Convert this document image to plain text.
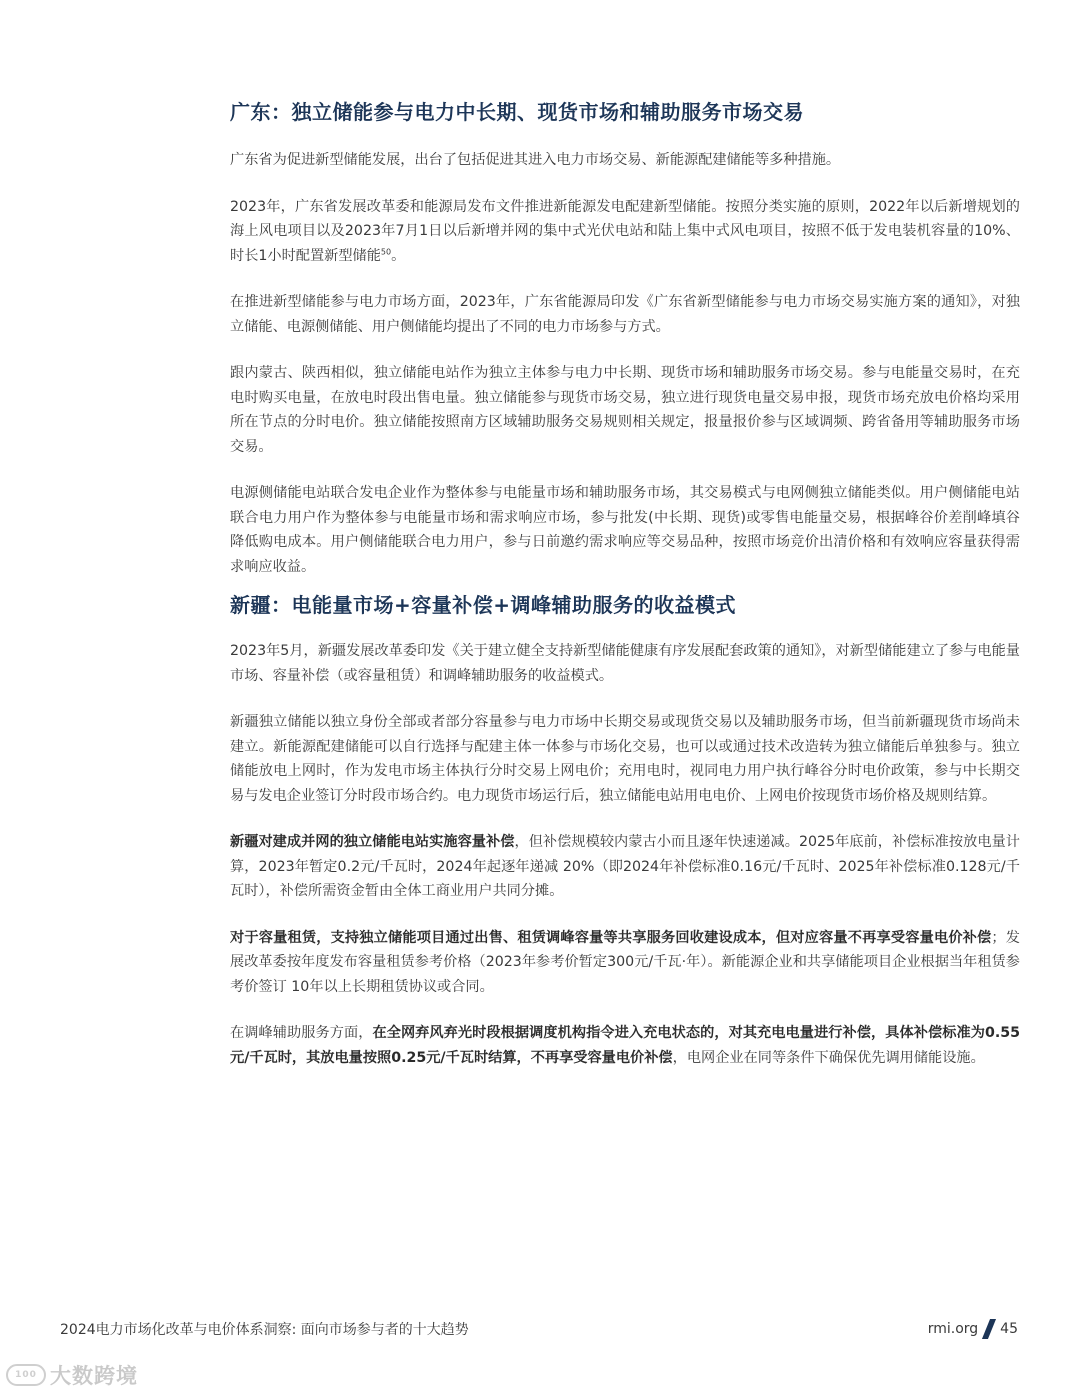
广东：独立储能参与电力中长期、现货市场和辅助服务市场交易

广东省为促进新型储能发展，出台了包括促进其进入电力市场交易、新能源配建储能等多种措施。

2023年，广东省发展改革委和能源局发布文件推进新能源发电配建新型储能。按照分类实施的原则，2022年以后新增规划的海上风电项目以及2023年7月1日以后新增并网的集中式光伏电站和陆上集中式风电项目，按照不低于发电装机容量的10%、时长1小时配置新型储能$^{50}$。

在推进新型储能参与电力市场方面，2023年，广东省能源局印发《广东省新型储能参与电力市场交易实施方案的通知》，对独立储能、电源侧储能、用户侧储能均提出了不同的电力市场参与方式。

跟内蒙古、陕西相似，独立储能电站作为独立主体参与电力中长期、现货市场和辅助服务市场交易。参与电能量交易时，在充电时购买电量，在放电时段出售电量。独立储能参与现货市场交易，独立进行现货电量交易申报，现货市场充放电价格均采用所在节点的分时电价。独立储能按照南方区域辅助服务交易规则相关规定，报量报价参与区域调频、跨省备用等辅助服务市场交易。

电源侧储能电站联合发电企业作为整体参与电能量市场和辅助服务市场，其交易模式与电网侧独立储能类似。用户侧储能电站联合电力用户作为整体参与电能量市场和需求响应市场，参与批发(中长期、现货)或零售电能量交易，根据峰谷价差削峰填谷降低购电成本。用户侧储能联合电力用户，参与日前邀约需求响应等交易品种，按照市场竞价出清价格和有效响应容量获得需求响应收益。

新疆：电能量市场+容量补偿+调峰辅助服务的收益模式

2023年5月，新疆发展改革委印发《关于建立健全支持新型储能健康有序发展配套政策的通知》，对新型储能建立了参与电能量市场、容量补偿（或容量租赁）和调峰辅助服务的收益模式。

新疆独立储能以独立身份全部或者部分容量参与电力市场中长期交易或现货交易以及辅助服务市场，但当前新疆现货市场尚未建立。新能源配建储能可以自行选择与配建主体一体参与市场化交易，也可以或通过技术改造转为独立储能后单独参与。独立储能放电上网时，作为发电市场主体执行分时交易上网电价；充用电时，视同电力用户执行峰谷分时电价政策，参与中长期交易与发电企业签订分时段市场合约。电力现货市场运行后，独立储能电站用电电价、上网电价按现货市场价格及规则结算。

新疆对建成并网的独立储能电站实施容量补偿，但补偿规模较内蒙古小而且逐年快速递减。2025年底前，补偿标准按放电量计算，2023年暂定0.2元/千瓦时，2024年起逐年递减 20%（即2024年补偿标准0.16元/千瓦时、2025年补偿标准0.128元/千瓦时），补偿所需资金暂由全体工商业用户共同分摊。

对于容量租赁，支持独立储能项目通过出售、租赁调峰容量等共享服务回收建设成本，但对应容量不再享受容量电价补偿；发展改革委按年度发布容量租赁参考价格（2023年参考价暂定300元/千瓦·年）。新能源企业和共享储能项目企业根据当年租赁参考价签订 10年以上长期租赁协议或合同。

在调峰辅助服务方面，在全网弃风弃光时段根据调度机构指令进入充电状态的，对其充电电量进行补偿，具体补偿标准为0.55元/千瓦时，其放电量按照0.25元/千瓦时结算，不再享受容量电价补偿，电网企业在同等条件下确保优先调用储能设施。

2024电力市场化改革与电价体系洞察: 面向市场参与者的十大趋势	rmi.org 45
100 大数跨境
